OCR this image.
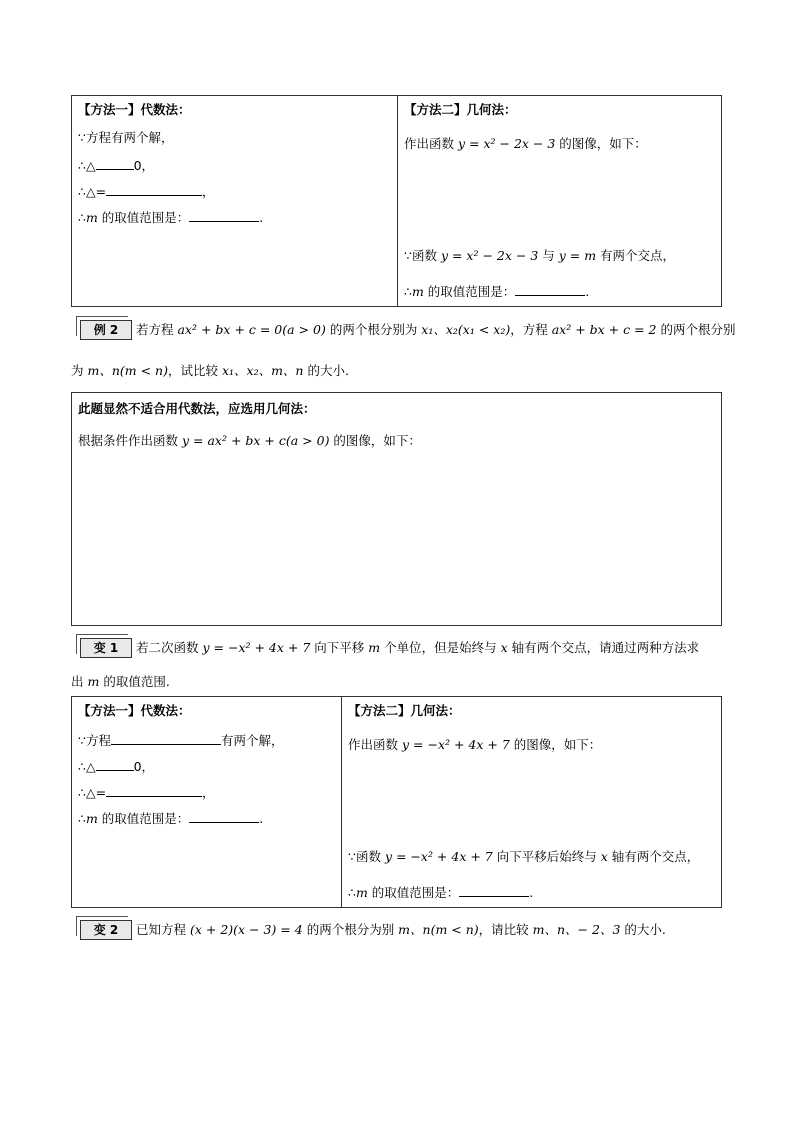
【方法一】代数法：
∵方程有两个解，
∴△	0，
∴△=	，
∴m 的取值范围是：	.
【方法二】几何法：
作出函数 y = x² − 2x − 3 的图像，如下：
∵函数 y = x² − 2x − 3 与 y = m 有两个交点，
∴m 的取值范围是：	.
例 2	若方程 ax² + bx + c = 0(a > 0) 的两个根分别为 x₁、x₂(x₁ < x₂)，方程 ax² + bx + c = 2 的两个根分别
为 m、n(m < n)，试比较 x₁、x₂、m、n 的大小.
此题显然不适合用代数法，应选用几何法：
根据条件作出函数 y = ax² + bx + c(a > 0) 的图像，如下：
变 1	若二次函数 y = −x² + 4x + 7 向下平移 m 个单位，但是始终与 x 轴有两个交点，请通过两种方法求
出 m 的取值范围.
【方法一】代数法：
∵方程	有两个解，
∴△	0，
∴△=	，
∴m 的取值范围是：	.
【方法二】几何法：
作出函数 y = −x² + 4x + 7 的图像，如下：
∵函数 y = −x² + 4x + 7 向下平移后始终与 x 轴有两个交点，
∴m 的取值范围是：	.
变 2	已知方程 (x + 2)(x − 3) = 4 的两个根分为别 m、n(m < n)，请比较 m、n、− 2、3 的大小.
